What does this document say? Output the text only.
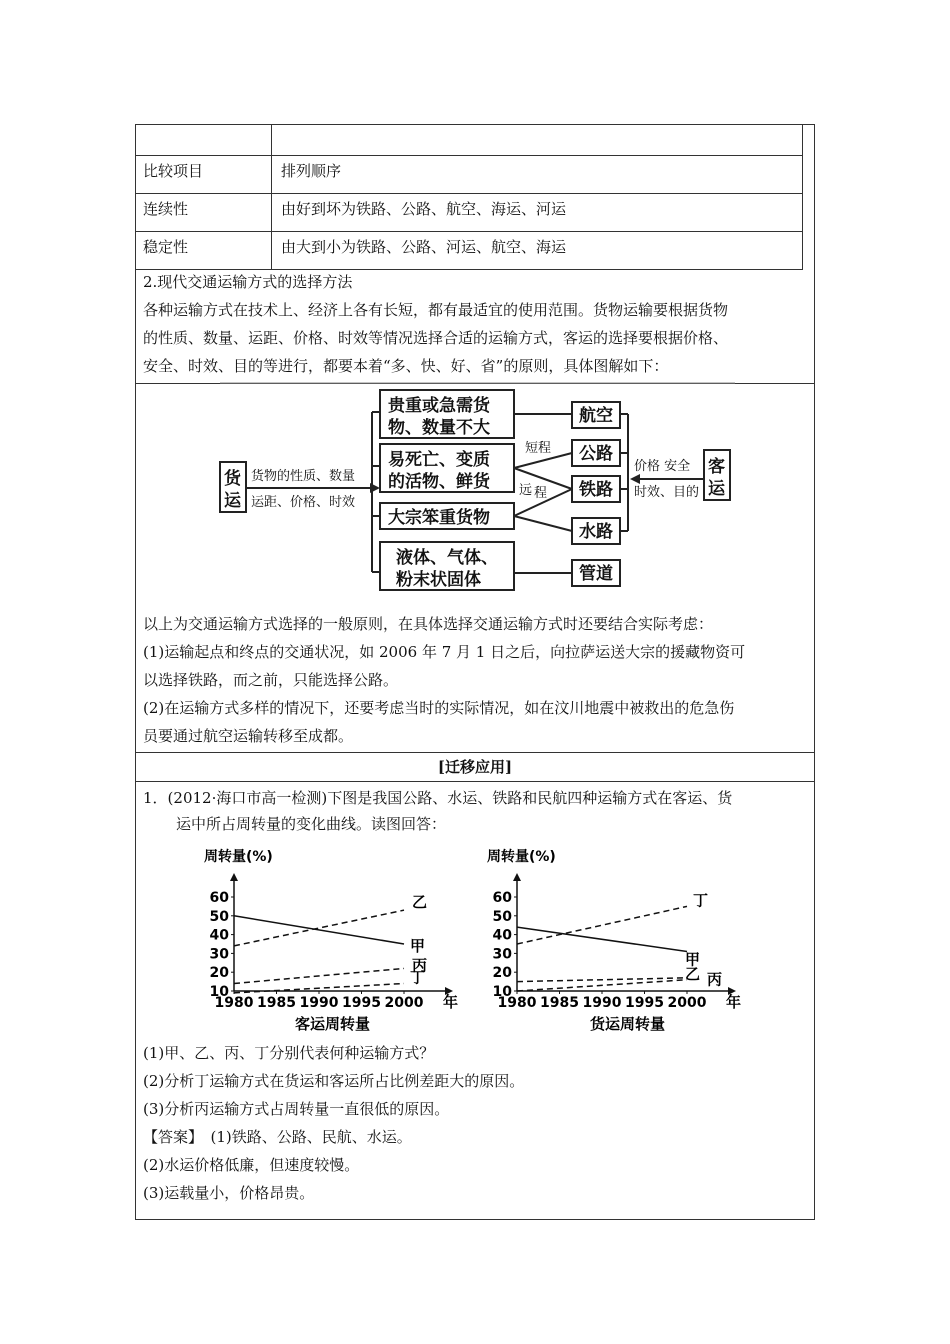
比较项目	排列顺序
连续性	由好到坏为铁路、公路、航空、海运、河运
稳定性	由大到小为铁路、公路、河运、航空、海运
2.现代交通运输方式的选择方法
各种运输方式在技术上、经济上各有长短，都有最适宜的使用范围。货物运输要根据货物
的性质、数量、运距、价格、时效等情况选择合适的运输方式，客运的选择要根据价格、
安全、时效、目的等进行，都要本着“多、快、好、省”的原则，具体图解如下：
货
运
客
运
贵重或急需货
物、数量不大
易死亡、变质
的活物、鲜货
大宗笨重货物
液体、气体、
粉末状固体
航空
公路
铁路
水路
管道
货物的性质、数量
运距、价格、时效
短程
远 程
价格 安全
时效、目的
以上为交通运输方式选择的一般原则，在具体选择交通运输方式时还要结合实际考虑：
(1)运输起点和终点的交通状况，如 2006 年 7 月 1 日之后，向拉萨运送大宗的援藏物资可
以选择铁路，而之前，只能选择公路。
(2)在运输方式多样的情况下，还要考虑当时的实际情况，如在汶川地震中被救出的危急伤
员要通过航空运输转移至成都。
[迁移应用]
1．(2012·海口市高一检测)下图是我国公路、水运、铁路和民航四种运输方式在客运、货
运中所占周转量的变化曲线。读图回答：
10
20
30
40
50
60
1980 1985 1990 1995 2000 年
周转量(%)
客运周转量
甲
乙
丙
丁
10
20
30
40
50
60
1980 1985 1990 1995 2000 年
周转量(%)
货运周转量
甲
乙 丙
丁
(1)甲、乙、丙、丁分别代表何种运输方式？
(2)分析丁运输方式在货运和客运所占比例差距大的原因。
(3)分析丙运输方式占周转量一直很低的原因。
【答案】　(1)铁路、公路、民航、水运。
(2)水运价格低廉，但速度较慢。
(3)运载量小，价格昂贵。
